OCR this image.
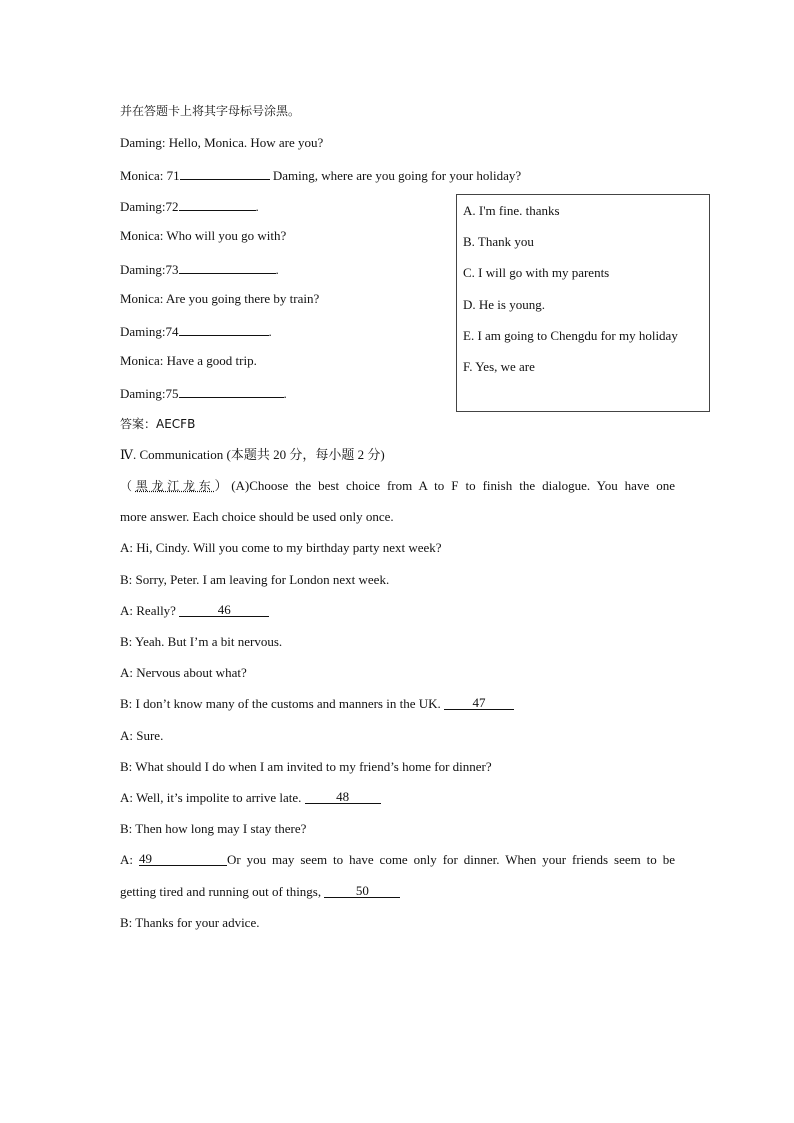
并在答题卡上将其字母标号涂黑。
Daming: Hello, Monica. How are you?
Monica: 71	Daming, where are you going for your holiday?
Daming:72	.
Monica: Who will you go with?
Daming:73	.
Monica: Are you going there by train?
Daming:74	.
Monica: Have a good trip.
Daming:75	.
A. I'm fine. thanks
B. Thank you
C. I will go with my parents
D. He is young.
E. I am going to Chengdu for my holiday
F. Yes, we are
答案：AECFB
Ⅳ. Communication (本题共 20 分，每小题 2 分)
（黑龙江龙东）(A)Choose the best choice from A to F to finish the dialogue. You have one
more answer. Each choice should be used only once.
A: Hi, Cindy. Will you come to my birthday party next week?
B: Sorry, Peter. I am leaving for London next week.
A: Really?	46
B: Yeah. But I’m a bit nervous.
A: Nervous about what?
B: I don’t know many of the customs and manners in the UK. 47
A: Sure.
B: What should I do when I am invited to my friend’s home for dinner?
A: Well, it’s impolite to arrive late. 48
B: Then how long may I stay there?
A: 49	Or you may seem to have come only for dinner. When your friends seem to be
getting tired and running out of things, 50
B: Thanks for your advice.
